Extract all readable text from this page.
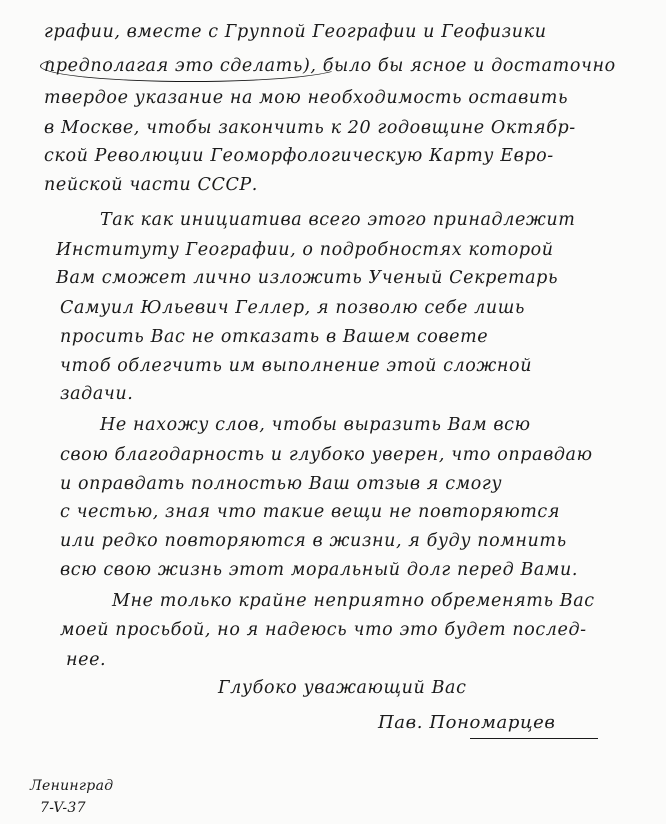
графии, вместе с Группой Географии и Геофизики
предполагая это сделать), было бы ясное и достаточно
твердое указание на мою необходимость оставить
в Москве, чтобы закончить к 20 годовщине Октябр-
ской Революции Геоморфологическую Карту Евро-
пейской части СССР.
Так как инициатива всего этого принадлежит
Институту Географии, о подробностях которой
Вам сможет лично изложить Ученый Секретарь
Самуил Юльевич Геллер, я позволю себе лишь
просить Вас не отказать в Вашем совете
чтоб облегчить им выполнение этой сложной
задачи.
Не нахожу слов, чтобы выразить Вам всю
свою благодарность и глубоко уверен, что оправдаю
и оправдать полностью Ваш отзыв я смогу
с честью, зная что такие вещи не повторяются
или редко повторяются в жизни, я буду помнить
всю свою жизнь этот моральный долг перед Вами.
Мне только крайне неприятно обременять Вас
моей просьбой, но я надеюсь что это будет послед-
нее.
Глубоко уважающий Вас
Пав. Пономарцев
Ленинград
7-V-37
